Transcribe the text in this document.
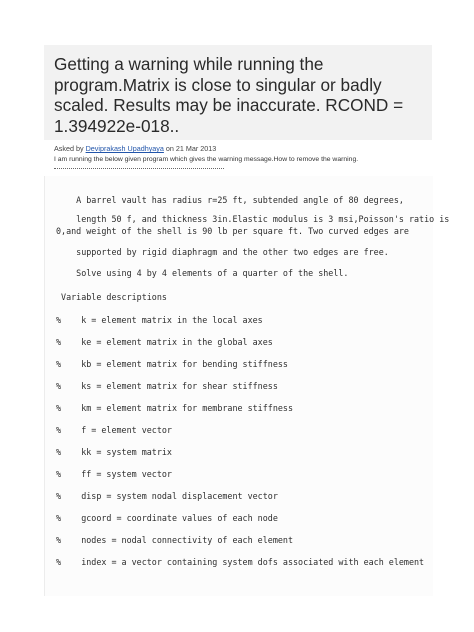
Getting a warning while running the program.Matrix is close to singular or badly scaled. Results may be inaccurate. RCOND = 1.394922e-018..
Asked by Deviprakash Upadhyaya on 21 Mar 2013
I am running the below given program which gives the warning message.How to remove the warning.
A barrel vault has radius r=25 ft, subtended angle of 80 degrees,
length 50 f, and thickness 3in.Elastic modulus is 3 msi,Poisson's ratio is
0,and weight of the shell is 90 lb per square ft. Two curved edges are
supported by rigid diaphragm and the other two edges are free.
Solve using 4 by 4 elements of a quarter of the shell.
Variable descriptions
%    k = element matrix in the local axes
%    ke = element matrix in the global axes
%    kb = element matrix for bending stiffness
%    ks = element matrix for shear stiffness
%    km = element matrix for membrane stiffness
%    f = element vector
%    kk = system matrix
%    ff = system vector
%    disp = system nodal displacement vector
%    gcoord = coordinate values of each node
%    nodes = nodal connectivity of each element
%    index = a vector containing system dofs associated with each element
